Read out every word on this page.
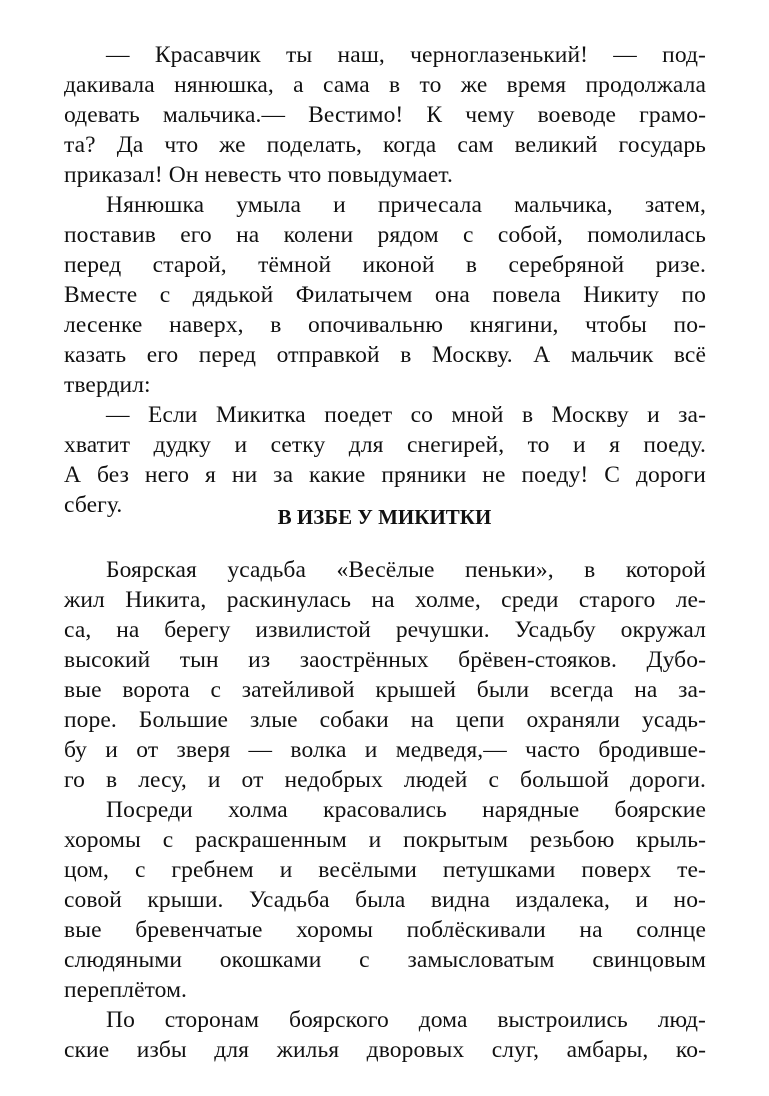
— Красавчик ты наш, черноглазенький! — под-
дакивала нянюшка, а сама в то же время продолжала
одевать мальчика.— Вестимо! К чему воеводе грамо-
та? Да что же поделать, когда сам великий государь
приказал! Он невесть что повыдумает.
Нянюшка умыла и причесала мальчика, затем,
поставив его на колени рядом с собой, помолилась
перед старой, тёмной иконой в серебряной ризе.
Вместе с дядькой Филатычем она повела Никиту по
лесенке наверх, в опочивальню княгини, чтобы по-
казать его перед отправкой в Москву. А мальчик всё
твердил:
— Если Микитка поедет со мной в Москву и за-
хватит дудку и сетку для снегирей, то и я поеду.
А без него я ни за какие пряники не поеду! С дороги
сбегу.	В ИЗБЕ У МИКИТКИ
Боярская усадьба «Весёлые пеньки», в которой
жил Никита, раскинулась на холме, среди старого ле-
са, на берегу извилистой речушки. Усадьбу окружал
высокий тын из заострённых брёвен-стояков. Дубо-
вые ворота с затейливой крышей были всегда на за-
поре. Большие злые собаки на цепи охраняли усадь-
бу и от зверя — волка и медведя,— часто бродивше-
го в лесу, и от недобрых людей с большой дороги.
Посреди холма красовались нарядные боярские
хоромы с раскрашенным и покрытым резьбою крыль-
цом, с гребнем и весёлыми петушками поверх те-
совой крыши. Усадьба была видна издалека, и но-
вые бревенчатые хоромы поблёскивали на солнце
слюдяными окошками с замысловатым свинцовым
переплётом.
По сторонам боярского дома выстроились люд-
ские избы для жилья дворовых слуг, амбары, ко-
